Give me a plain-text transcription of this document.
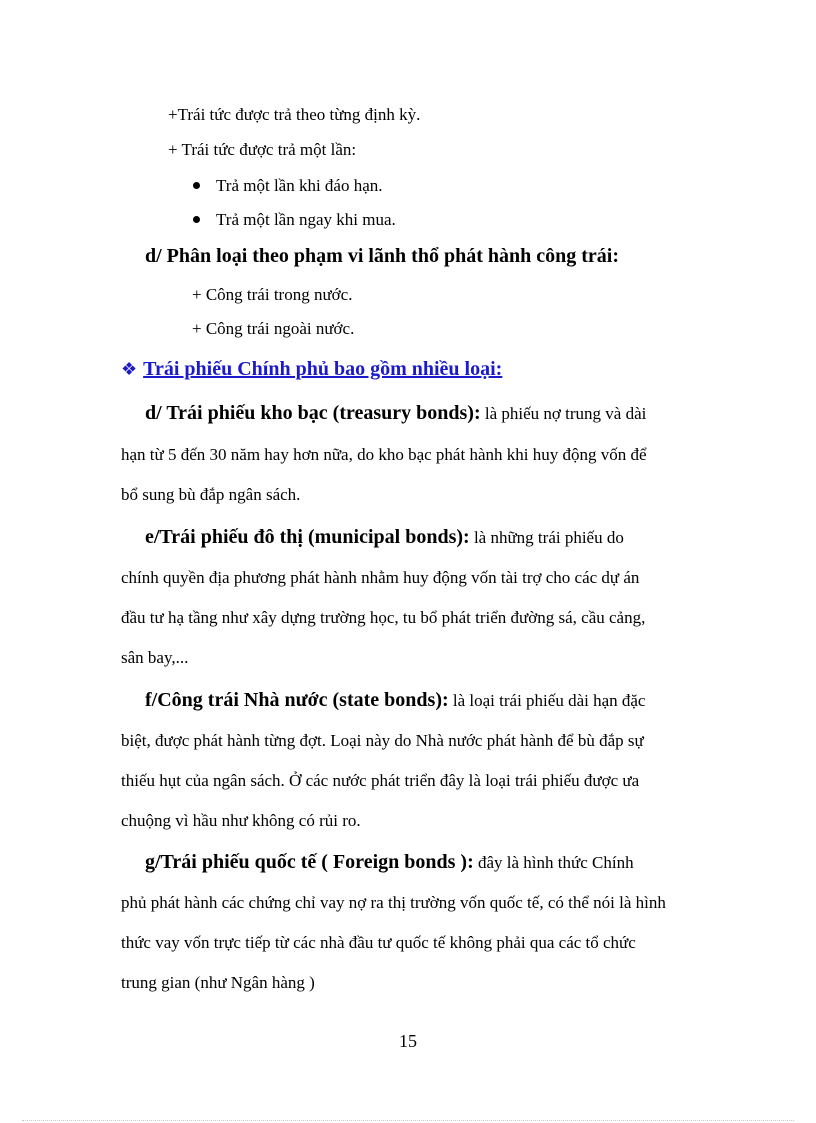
+Trái tức được trả theo từng định kỳ.
+ Trái tức được trả một lần:
Trả một lần khi đáo hạn.
Trả một lần ngay khi mua.
d/ Phân loại theo phạm vi lãnh thổ phát hành công trái:
+ Công trái trong nước.
+ Công trái ngoài nước.
❖ Trái phiếu Chính phủ bao gồm nhiều loại:
d/ Trái phiếu kho bạc (treasury bonds): là phiếu nợ trung và dài
hạn từ 5 đến 30 năm hay hơn nữa, do kho bạc phát hành khi huy động vốn để
bổ sung bù đắp ngân sách.
e/Trái phiếu đô thị (municipal bonds): là những trái phiếu do
chính quyền địa phương phát hành nhằm huy động vốn tài trợ cho các dự án
đầu tư hạ tầng như xây dựng trường học, tu bổ phát triển đường sá, cầu cảng,
sân bay,...
f/Công trái Nhà nước (state bonds): là loại trái phiếu dài hạn đặc
biệt, được phát hành từng đợt. Loại này do Nhà nước phát hành để bù đắp sự
thiếu hụt của ngân sách. Ở các nước phát triển đây là loại trái phiếu được ưa
chuộng vì hầu như không có rủi ro.
g/Trái phiếu quốc tế ( Foreign bonds ): đây là hình thức Chính
phủ phát hành các chứng chỉ vay nợ ra thị trường vốn quốc tế, có thể nói là hình
thức vay vốn trực tiếp từ các nhà đầu tư quốc tế không phải qua các tổ chức
trung gian (như Ngân hàng )
15
